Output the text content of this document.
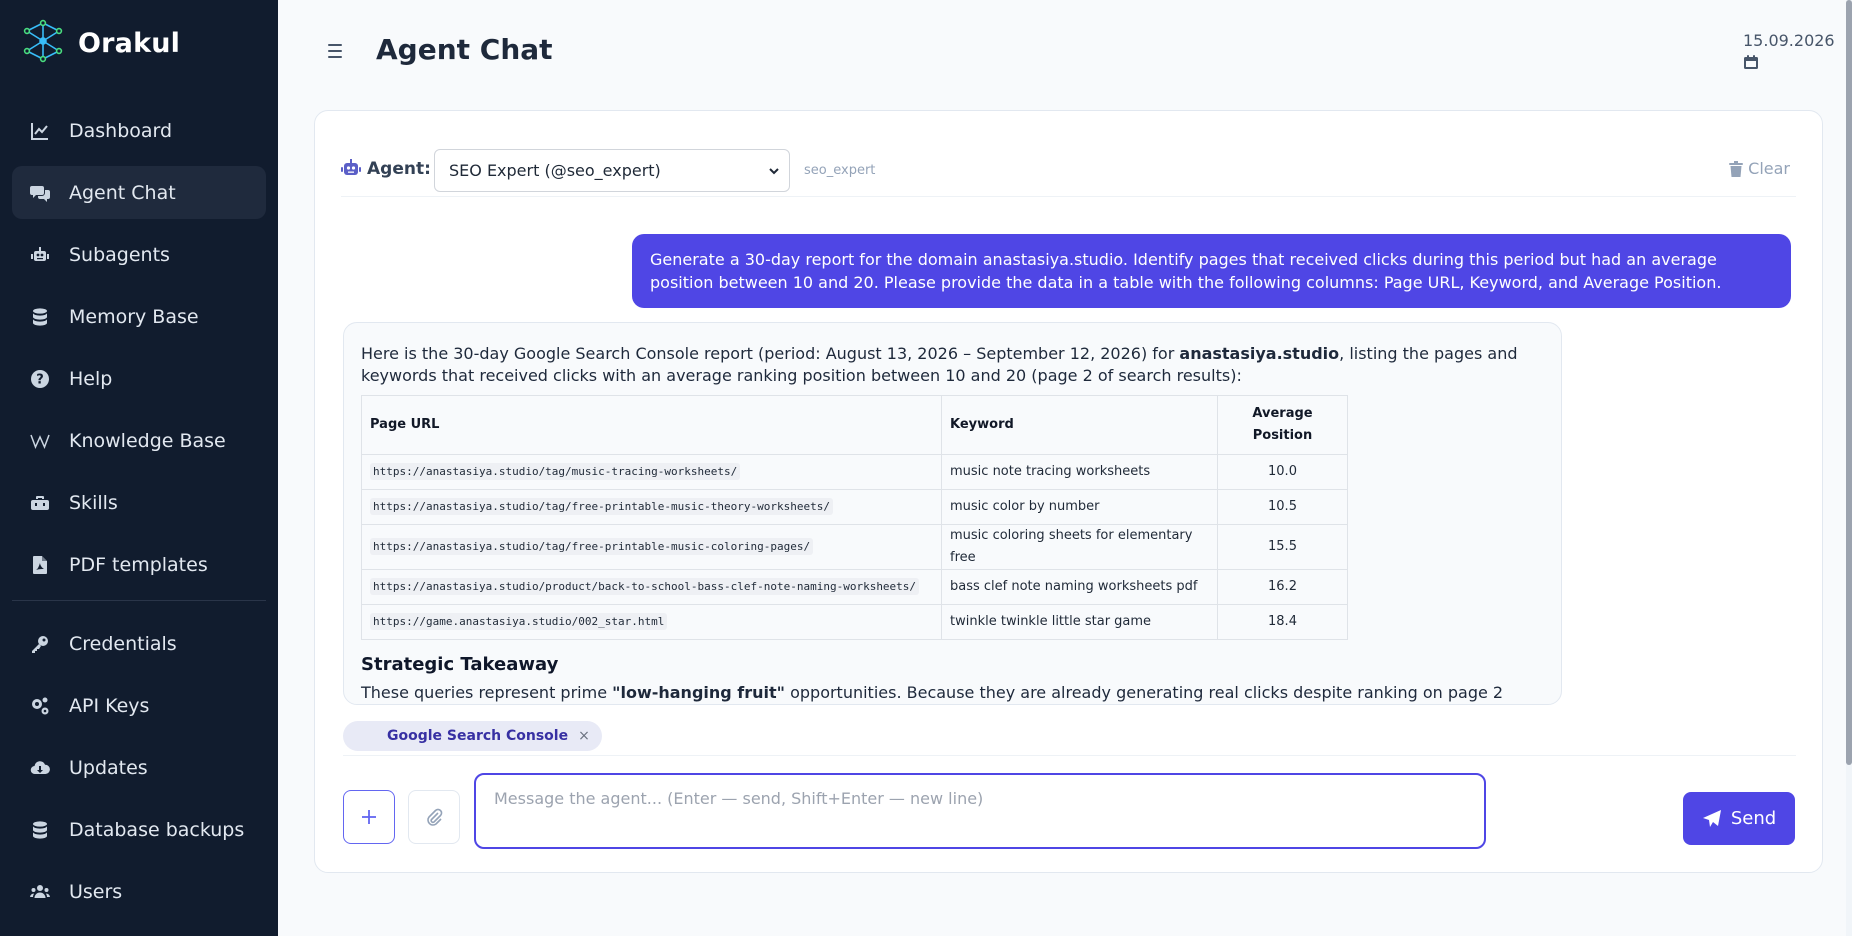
Orakul
Dashboard
Agent Chat
Subagents
Memory Base
? Help
Knowledge Base
Skills
PDF templates
Credentials
API Keys
Updates
Database backups
Users
Agent Chat	15.09.2026
Agent: SEO Expert (@seo_expert)	seo_expert	Clear
Generate a 30-day report for the domain anastasiya.studio. Identify pages that received clicks during this period but had an average position between 10 and 20. Please provide the data in a table with the following columns: Page URL, Keyword, and Average Position.

Here is the 30-day Google Search Console report (period: August 13, 2026 – September 12, 2026) for anastasiya.studio, listing the pages and keywords that received clicks with an average ranking position between 10 and 20 (page 2 of search results):

Page URL	Keyword	Average Position
https://anastasiya.studio/tag/music-tracing-worksheets/	music note tracing worksheets	10.0
https://anastasiya.studio/tag/free-printable-music-theory-worksheets/	music color by number	10.5
https://anastasiya.studio/tag/free-printable-music-coloring-pages/	music coloring sheets for elementary free	15.5
https://anastasiya.studio/product/back-to-school-bass-clef-note-naming-worksheets/	bass clef note naming worksheets pdf	16.2
https://game.anastasiya.studio/002_star.html	twinkle twinkle little star game	18.4
Strategic Takeaway

These queries represent prime "low-hanging fruit" opportunities. Because they are already generating real clicks despite ranking on page 2

Google Search Console ×
Message the agent... (Enter — send, Shift+Enter — new line)
Send
